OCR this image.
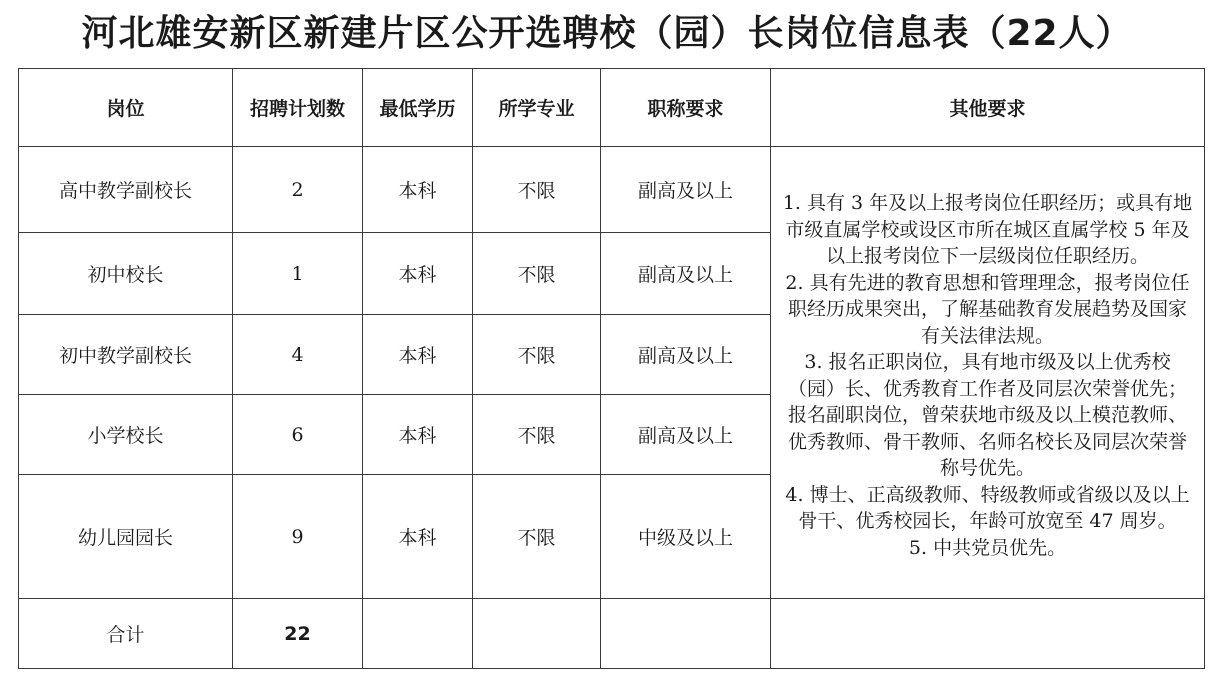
河北雄安新区新建片区公开选聘校（园）长岗位信息表（22人）
岗位	招聘计划数	最低学历	所学专业	职称要求	其他要求
高中教学副校长	2	本科	不限	副高及以上	1. 具有 3 年及以上报考岗位任职经历；或具有地市级直属学校或设区市所在城区直属学校 5 年及以上报考岗位下一层级岗位任职经历。

2. 具有先进的教育思想和管理理念，报考岗位任职经历成果突出，了解基础教育发展趋势及国家有关法律法规。

3. 报名正职岗位，具有地市级及以上优秀校（园）长、优秀教育工作者及同层次荣誉优先；报名副职岗位，曾荣获地市级及以上模范教师、优秀教师、骨干教师、名师名校长及同层次荣誉称号优先。

4. 博士、正高级教师、特级教师或省级以及以上骨干、优秀校园长，年龄可放宽至 47 周岁。

5. 中共党员优先。

初中校长	1	本科	不限	副高及以上	
初中教学副校长	4	本科	不限	副高及以上	
小学校长	6	本科	不限	副高及以上	
幼儿园园长	9	本科	不限	中级及以上	
合计	22				
